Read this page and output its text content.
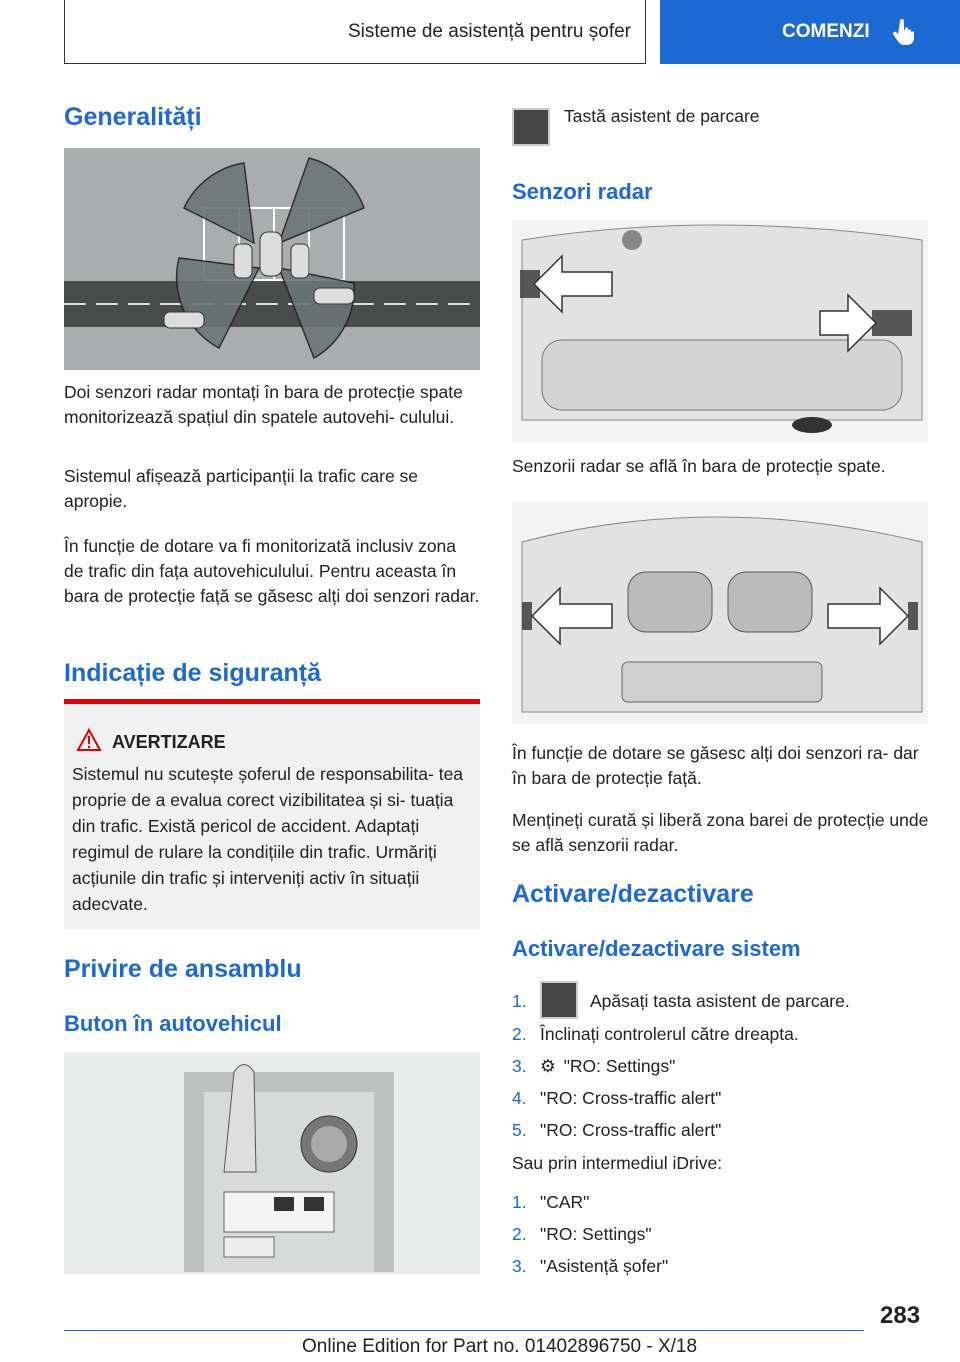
Sisteme de asistență pentru șofer	COMENZI
Generalități

Doi senzori radar montați în bara de protecție spate monitorizează spațiul din spatele autovehi- culului.

Sistemul afișează participanții la trafic care se apropie.

În funcție de dotare va fi monitorizată inclusiv zona de trafic din fața autovehiculului. Pentru aceasta în bara de protecție față se găsesc alți doi senzori radar.

Indicație de siguranță
AVERTIZARE
Sistemul nu scutește șoferul de responsabilita- tea proprie de a evalua corect vizibilitatea și si- tuația din trafic. Există pericol de accident. Adaptați regimul de rulare la condițiile din trafic. Urmăriți acțiunile din trafic și interveniți activ în situații adecvate.
Privire de ansamblu
Buton în autovehicul

Tastă asistent de parcare

Senzori radar

Senzorii radar se află în bara de protecție spate.

În funcție de dotare se găsesc alți doi senzori ra- dar în bara de protecție față.

Mențineți curată și liberă zona barei de protecție unde se află senzorii radar.

Activare/dezactivare
Activare/dezactivare sistem
1.	Apăsați tasta asistent de parcare.
2. Înclinați controlerul către dreapta.
3. ⚙ "RO: Settings"
4. "RO: Cross-traffic alert"
5. "RO: Cross-traffic alert"

Sau prin intermediul iDrive:

1. "CAR"
2. "RO: Settings"
3. "Asistență șofer"
283
Online Edition for Part no. 01402896750 - X/18
